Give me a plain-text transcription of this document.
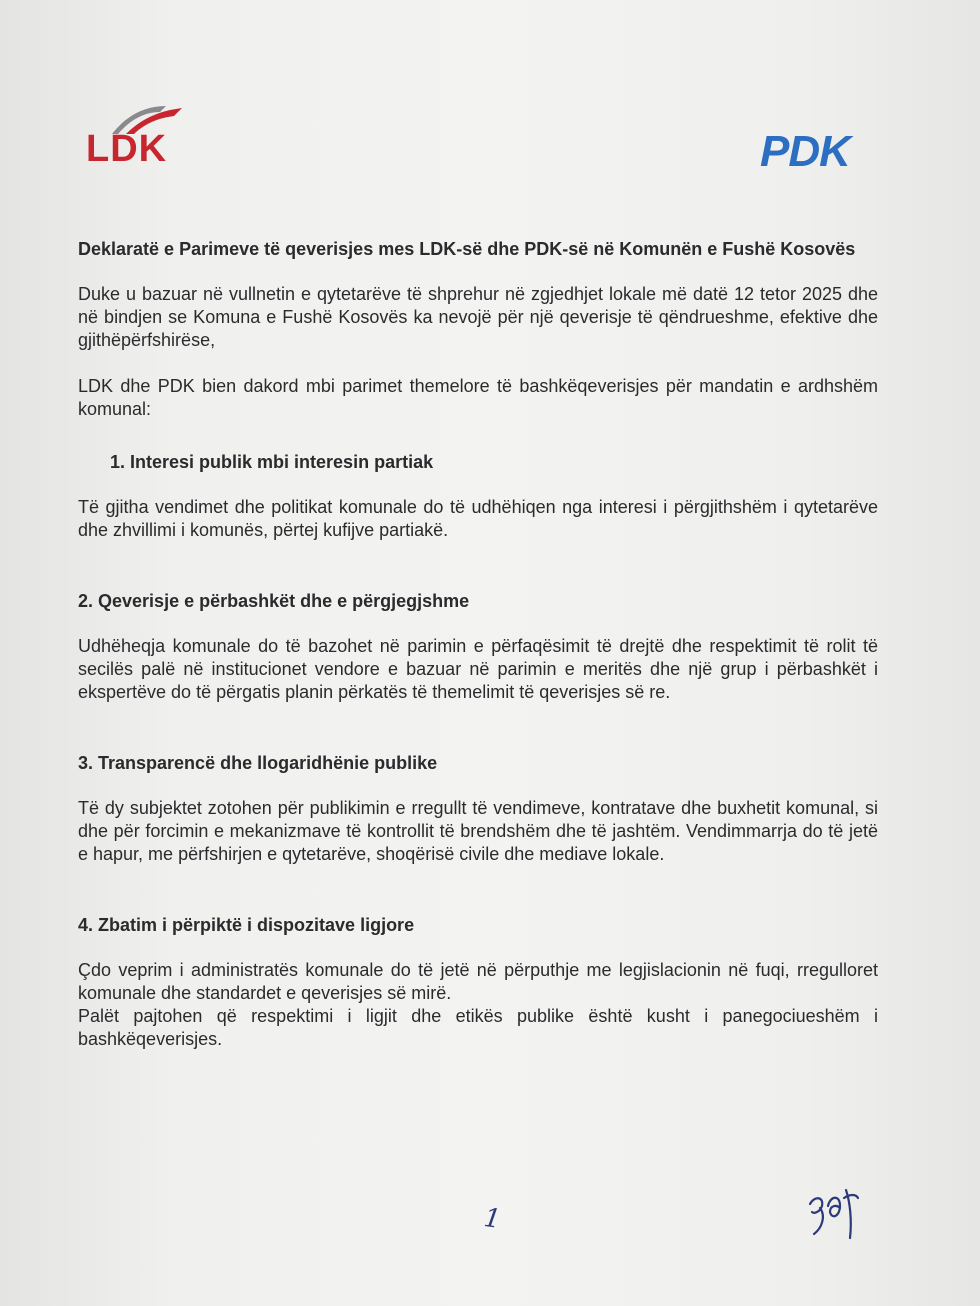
LDK	PDK
Deklaratë e Parimeve të qeverisjes mes LDK-së dhe PDK-së në Komunën e Fushë Kosovës

Duke u bazuar në vullnetin e qytetarëve të shprehur në zgjedhjet lokale më datë 12 tetor 2025 dhe në bindjen se Komuna e Fushë Kosovës ka nevojë për një qeverisje të qëndrueshme, efektive dhe gjithëpërfshirëse,

LDK dhe PDK bien dakord mbi parimet themelore të bashkëqeverisjes për mandatin e ardhshëm komunal:

1. Interesi publik mbi interesin partiak

Të gjitha vendimet dhe politikat komunale do të udhëhiqen nga interesi i përgjithshëm i qytetarëve dhe zhvillimi i komunës, përtej kufijve partiakë.

2. Qeverisje e përbashkët dhe e përgjegjshme

Udhëheqja komunale do të bazohet në parimin e përfaqësimit të drejtë dhe respektimit të rolit të secilës palë në institucionet vendore e bazuar në parimin e meritës dhe një grup i përbashkët i ekspertëve do të përgatis planin përkatës të themelimit të qeverisjes së re.

3. Transparencë dhe llogaridhënie publike

Të dy subjektet zotohen për publikimin e rregullt të vendimeve, kontratave dhe buxhetit komunal, si dhe për forcimin e mekanizmave të kontrollit të brendshëm dhe të jashtëm. Vendimmarrja do të jetë e hapur, me përfshirjen e qytetarëve, shoqërisë civile dhe mediave lokale.

4. Zbatim i përpiktë i dispozitave ligjore

Çdo veprim i administratës komunale do të jetë në përputhje me legjislacionin në fuqi, rregulloret komunale dhe standardet e qeverisjes së mirë.

Palët pajtohen që respektimi i ligjit dhe etikës publike është kusht i panegociueshëm i bashkëqeverisjes.

1
